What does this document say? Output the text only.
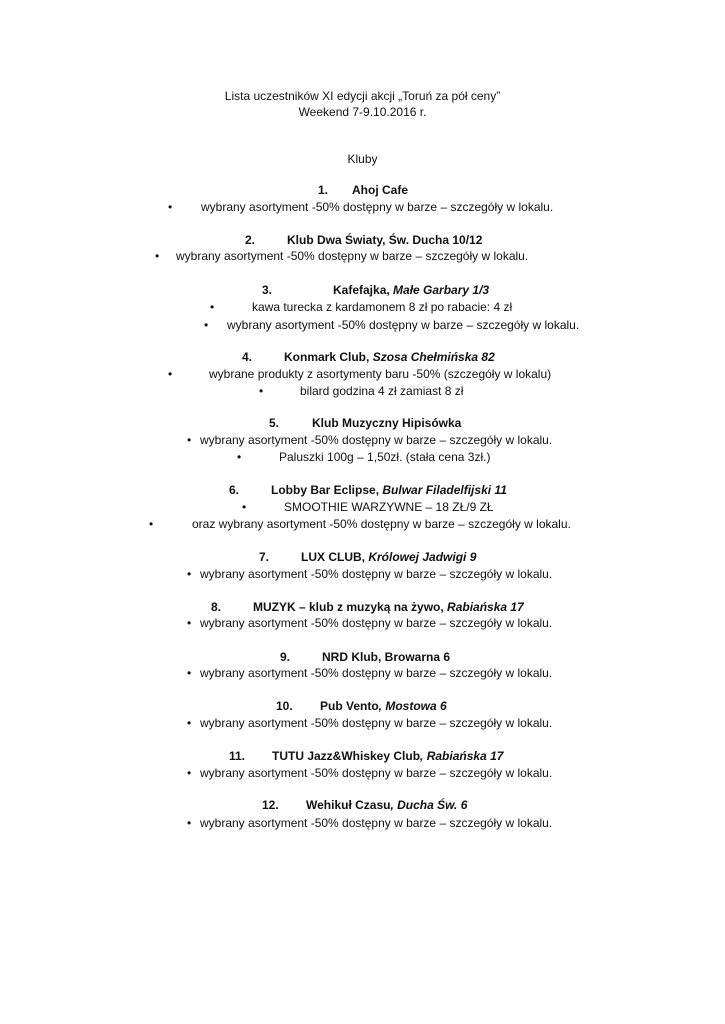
Lista uczestników XI edycji akcji „Toruń za pół ceny”
Weekend 7-9.10.2016 r.
Kluby
1. Ahoj Cafe
• wybrany asortyment -50% dostępny w barze – szczegóły w lokalu.
2.	Klub Dwa Światy, Św. Ducha 10/12
• wybrany asortyment -50% dostępny w barze – szczegóły w lokalu.
3.	Kafefajka, Małe Garbary 1/3
•	kawa turecka z kardamonem 8 zł po rabacie: 4 zł
• wybrany asortyment -50% dostępny w barze – szczegóły w lokalu.
4.	Konmark Club, Szosa Chełmińska 82
•	wybrane produkty z asortymenty baru -50% (szczegóły w lokalu)
•	bilard godzina 4 zł zamiast 8 zł
5.	Klub Muzyczny Hipisówka
• wybrany asortyment -50% dostępny w barze – szczegóły w lokalu.
•	Paluszki 100g – 1,50zł. (stała cena 3zł.)
6.	Lobby Bar Eclipse, Bulwar Filadelfijski 11
•	SMOOTHIE WARZYWNE – 18 ZŁ/9 ZŁ
•	oraz wybrany asortyment -50% dostępny w barze – szczegóły w lokalu.
7.	LUX CLUB, Królowej Jadwigi 9
• wybrany asortyment -50% dostępny w barze – szczegóły w lokalu.
8.	MUZYK – klub z muzyką na żywo, Rabiańska 17
• wybrany asortyment -50% dostępny w barze – szczegóły w lokalu.
9.	NRD Klub, Browarna 6
• wybrany asortyment -50% dostępny w barze – szczegóły w lokalu.
10. Pub Vento, Mostowa 6
• wybrany asortyment -50% dostępny w barze – szczegóły w lokalu.
11. TUTU Jazz&Whiskey Club, Rabiańska 17
• wybrany asortyment -50% dostępny w barze – szczegóły w lokalu.
12. Wehikuł Czasu, Ducha Św. 6
• wybrany asortyment -50% dostępny w barze – szczegóły w lokalu.
